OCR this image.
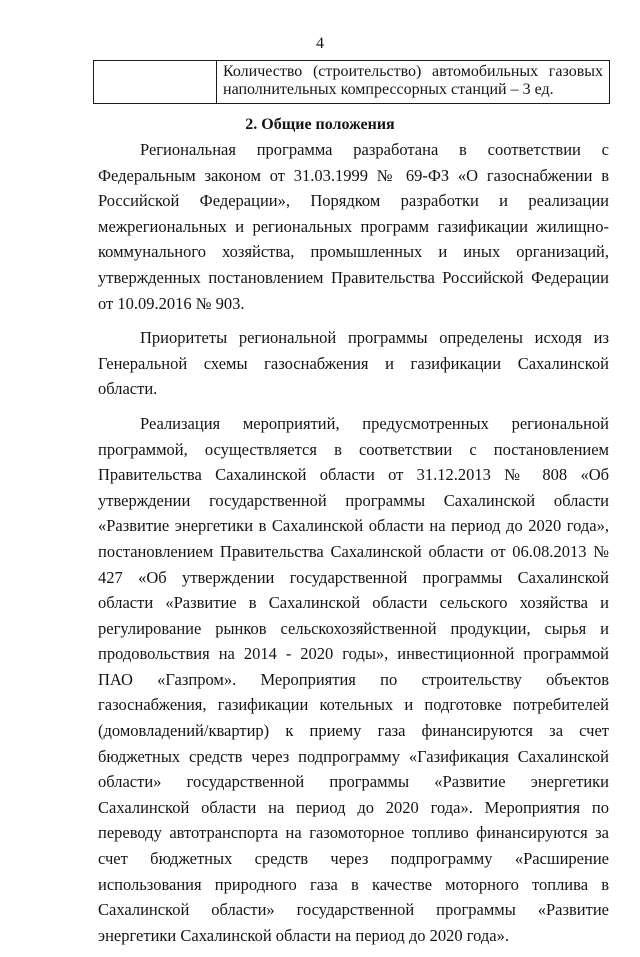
4
	Количество (строительство) автомобильных газовых наполнительных компрессорных станций – 3 ед.
2. Общие положения

Региональная программа разработана в соответствии с Федеральным законом от 31.03.1999 № 69-ФЗ «О газоснабжении в Российской Федерации», Порядком разработки и реализации межрегиональных и региональных программ газификации жилищно-коммунального хозяйства, промышленных и иных организаций, утвержденных постановлением Правительства Российской Федерации от 10.09.2016 № 903.

Приоритеты региональной программы определены исходя из Генеральной схемы газоснабжения и газификации Сахалинской области.

Реализация мероприятий, предусмотренных региональной программой, осуществляется в соответствии с постановлением Правительства Сахалинской области от 31.12.2013 № 808 «Об утверждении государственной программы Сахалинской области «Развитие энергетики в Сахалинской области на период до 2020 года», постановлением Правительства Сахалинской области от 06.08.2013 № 427 «Об утверждении государственной программы Сахалинской области «Развитие в Сахалинской области сельского хозяйства и регулирование рынков сельскохозяйственной продукции, сырья и продовольствия на 2014 - 2020 годы», инвестиционной программой ПАО «Газпром». Мероприятия по строительству объектов газоснабжения, газификации котельных и подготовке потребителей (домовладений/квартир) к приему газа финансируются за счет бюджетных средств через подпрограмму «Газификация Сахалинской области» государственной программы «Развитие энергетики Сахалинской области на период до 2020 года». Мероприятия по переводу автотранспорта на газомоторное топливо финансируются за счет бюджетных средств через подпрограмму «Расширение использования природного газа в качестве моторного топлива в Сахалинской области» государственной программы «Развитие энергетики Сахалинской области на период до 2020 года».
